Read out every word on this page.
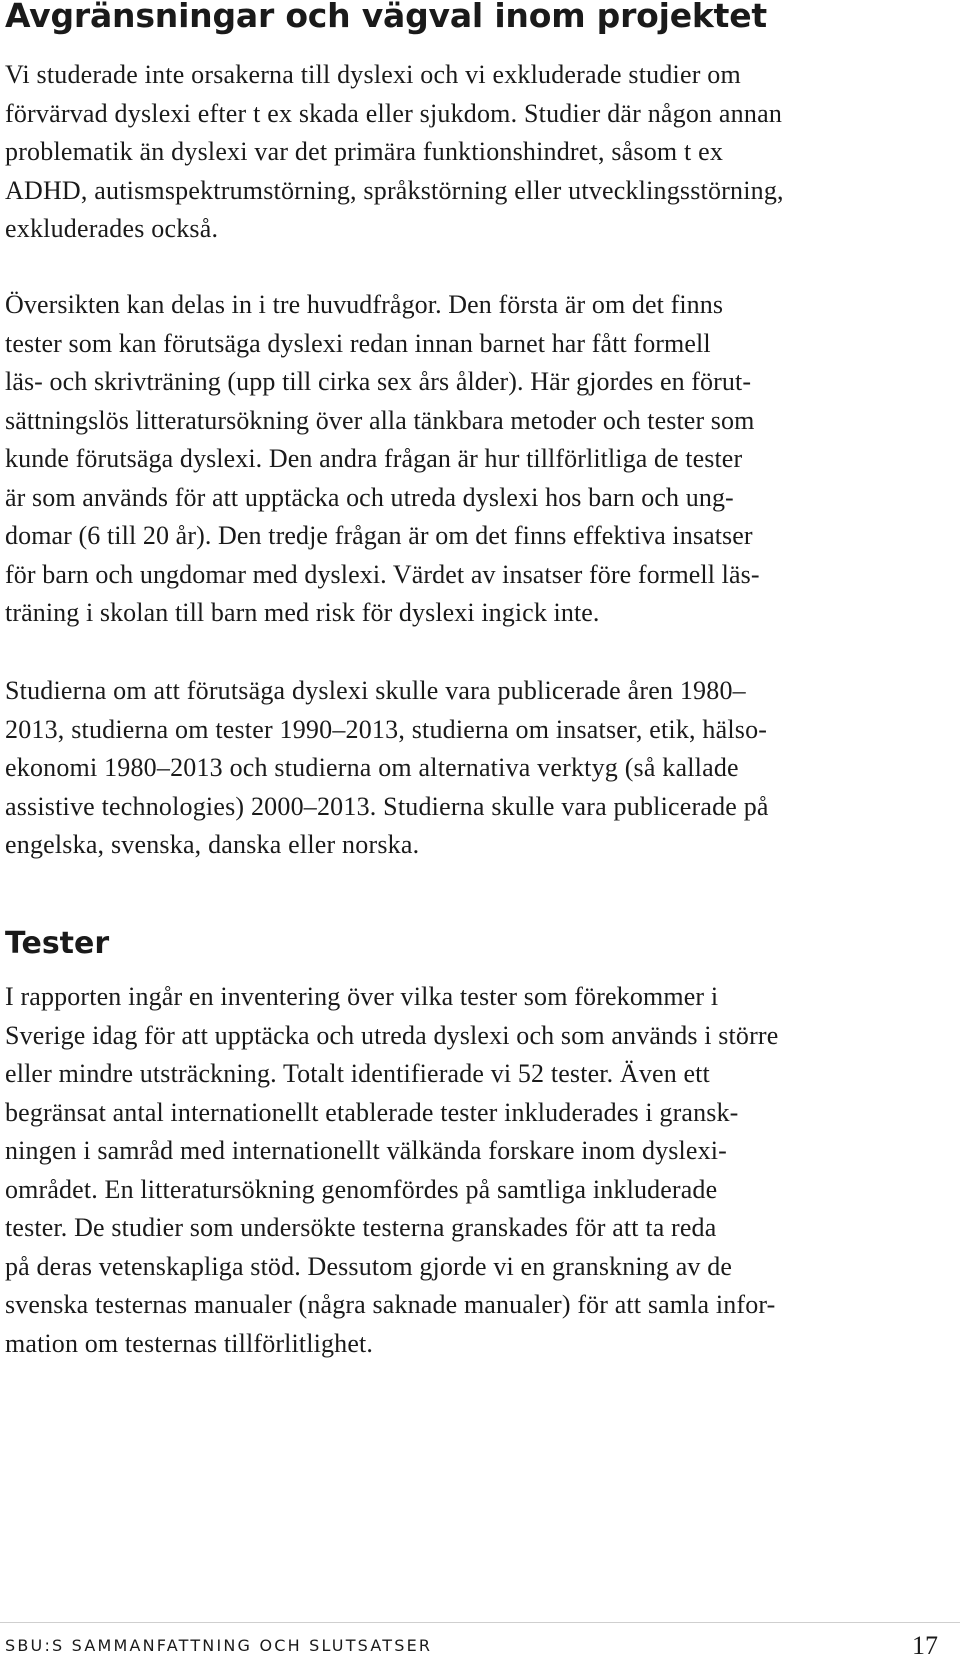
Avgränsningar och vägval inom projektet

Vi studerade inte orsakerna till dyslexi och vi exkluderade studier om
förvärvad dyslexi efter t ex skada eller sjukdom. Studier där någon annan
problematik än dyslexi var det primära funktionshindret, såsom t ex
ADHD, autismspektrumstörning, språkstörning eller utvecklingsstörning,
exkluderades också.

Översikten kan delas in i tre huvudfrågor. Den första är om det finns
tester som kan förutsäga dyslexi redan innan barnet har fått formell
läs- och skrivträning (upp till cirka sex års ålder). Här gjordes en förut-
sättningslös litteratursökning över alla tänkbara metoder och tester som
kunde förutsäga dyslexi. Den andra frågan är hur tillförlitliga de tester
är som används för att upptäcka och utreda dyslexi hos barn och ung-
domar (6 till 20 år). Den tredje frågan är om det finns effektiva insatser
för barn och ungdomar med dyslexi. Värdet av insatser före formell läs-
träning i skolan till barn med risk för dyslexi ingick inte.

Studierna om att förutsäga dyslexi skulle vara publicerade åren 1980–
2013, studierna om tester 1990–2013, studierna om insatser, etik, hälso-
ekonomi 1980–2013 och studierna om alternativa verktyg (så kallade
assistive technologies) 2000–2013. Studierna skulle vara publicerade på
engelska, svenska, danska eller norska.

Tester

I rapporten ingår en inventering över vilka tester som förekommer i
Sverige idag för att upptäcka och utreda dyslexi och som används i större
eller mindre utsträckning. Totalt identifierade vi 52 tester. Även ett
begränsat antal internationellt etablerade tester inkluderades i gransk-
ningen i samråd med internationellt välkända forskare inom dyslexi-
området. En litteratursökning genomfördes på samtliga inkluderade
tester. De studier som undersökte testerna granskades för att ta reda
på deras vetenskapliga stöd. Dessutom gjorde vi en granskning av de
svenska testernas manualer (några saknade manualer) för att samla infor-
mation om testernas tillförlitlighet.

SBU:S SAMMANFATTNING OCH SLUTSATSER	17
